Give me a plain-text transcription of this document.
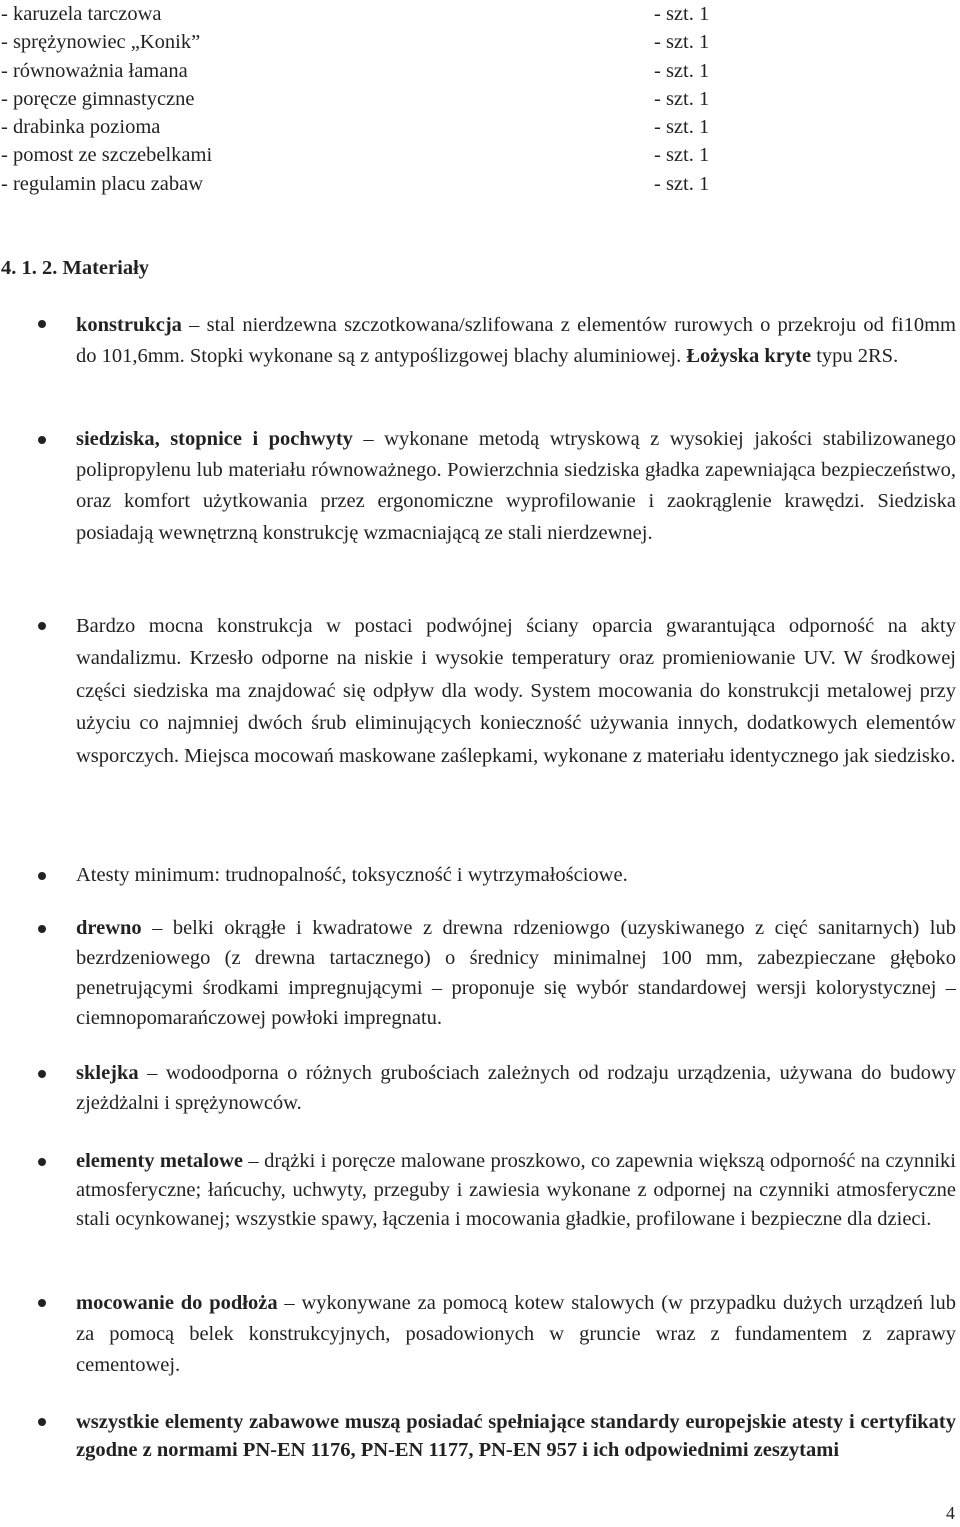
- karuzela tarczowa	- szt. 1
- sprężynowiec „Konik”	- szt. 1
- równoważnia łamana	- szt. 1
- poręcze gimnastyczne	- szt. 1
- drabinka pozioma	- szt. 1
- pomost ze szczebelkami	- szt. 1
- regulamin placu zabaw	- szt. 1
4. 1. 2. Materiały
konstrukcja – stal nierdzewna szczotkowana/szlifowana z elementów rurowych o przekroju od fi10mm do 101,6mm. Stopki wykonane są z antypoślizgowej blachy aluminiowej. Łożyska kryte typu 2RS.
siedziska, stopnice i pochwyty – wykonane metodą wtryskową z wysokiej jakości stabilizowanego polipropylenu lub materiału równoważnego. Powierzchnia siedziska gładka zapewniająca bezpieczeństwo, oraz komfort użytkowania przez ergonomiczne wyprofilowanie i zaokrąglenie krawędzi. Siedziska posiadają wewnętrzną konstrukcję wzmacniającą ze stali nierdzewnej.
Bardzo mocna konstrukcja w postaci podwójnej ściany oparcia gwarantująca odporność na akty wandalizmu. Krzesło odporne na niskie i wysokie temperatury oraz promieniowanie UV. W środkowej części siedziska ma znajdować się odpływ dla wody. System mocowania do konstrukcji metalowej przy użyciu co najmniej dwóch śrub eliminujących konieczność używania innych, dodatkowych elementów wsporczych. Miejsca mocowań maskowane zaślepkami, wykonane z materiału identycznego jak siedzisko.
Atesty minimum: trudnopalność, toksyczność i wytrzymałościowe.
drewno – belki okrągłe i kwadratowe z drewna rdzeniowgo (uzyskiwanego z cięć sanitarnych) lub bezrdzeniowego (z drewna tartacznego) o średnicy minimalnej 100 mm, zabezpieczane głęboko penetrującymi środkami impregnującymi – proponuje się wybór standardowej wersji kolorystycznej – ciemnopomarańczowej powłoki impregnatu.
sklejka – wodoodporna o różnych grubościach zależnych od rodzaju urządzenia, używana do budowy zjeżdżalni i sprężynowców.
elementy metalowe – drążki i poręcze malowane proszkowo, co zapewnia większą odporność na czynniki atmosferyczne; łańcuchy, uchwyty, przeguby i zawiesia wykonane z odpornej na czynniki atmosferyczne stali ocynkowanej; wszystkie spawy, łączenia i mocowania gładkie, profilowane i bezpieczne dla dzieci.
mocowanie do podłoża – wykonywane za pomocą kotew stalowych (w przypadku dużych urządzeń lub za pomocą belek konstrukcyjnych, posadowionych w gruncie wraz z fundamentem z zaprawy cementowej.
wszystkie elementy zabawowe muszą posiadać spełniające standardy europejskie atesty i certyfikaty zgodne z normami PN-EN 1176, PN-EN 1177, PN-EN 957 i ich odpowiednimi zeszytami
4
